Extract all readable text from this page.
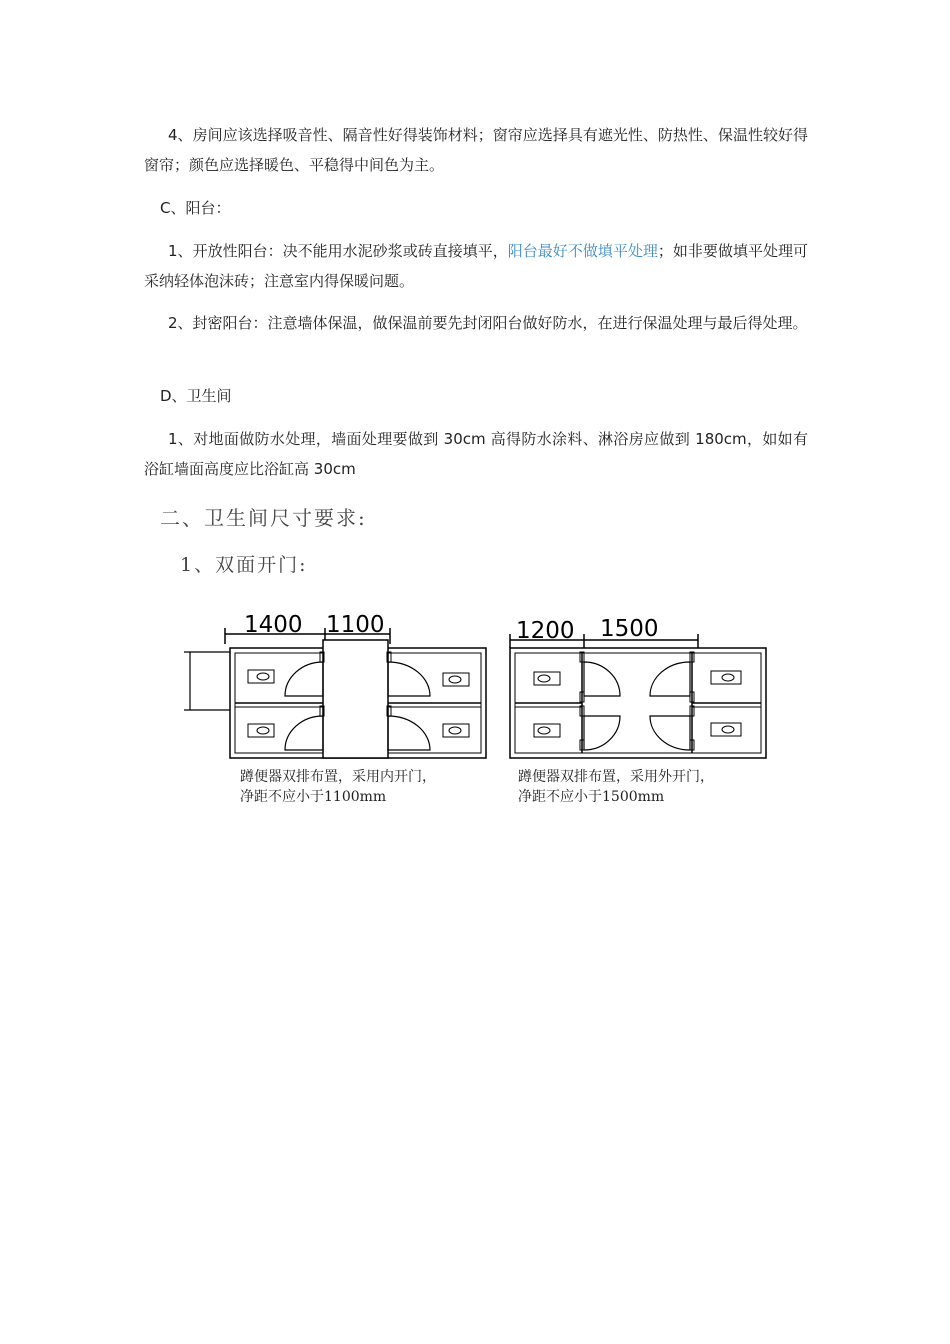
4、房间应该选择吸音性、隔音性好得装饰材料；窗帘应选择具有遮光性、防热性、保温性较好得窗帘；颜色应选择暖色、平稳得中间色为主。

C、阳台：

1、开放性阳台：决不能用水泥砂浆或砖直接填平，阳台最好不做填平处理；如非要做填平处理可采纳轻体泡沫砖；注意室内得保暖问题。

2、封密阳台：注意墙体保温，做保温前要先封闭阳台做好防水，在进行保温处理与最后得处理。

D、卫生间

1、对地面做防水处理，墙面处理要做到 30cm 高得防水涂料、淋浴房应做到 180cm，如如有浴缸墙面高度应比浴缸高 30cm

二、卫生间尺寸要求:
1、双面开门:
1400 1100
蹲便器双排布置，采用内开门，
净距不应小于1100mm
1200 1500
蹲便器双排布置，采用外开门，
净距不应小于1500mm
